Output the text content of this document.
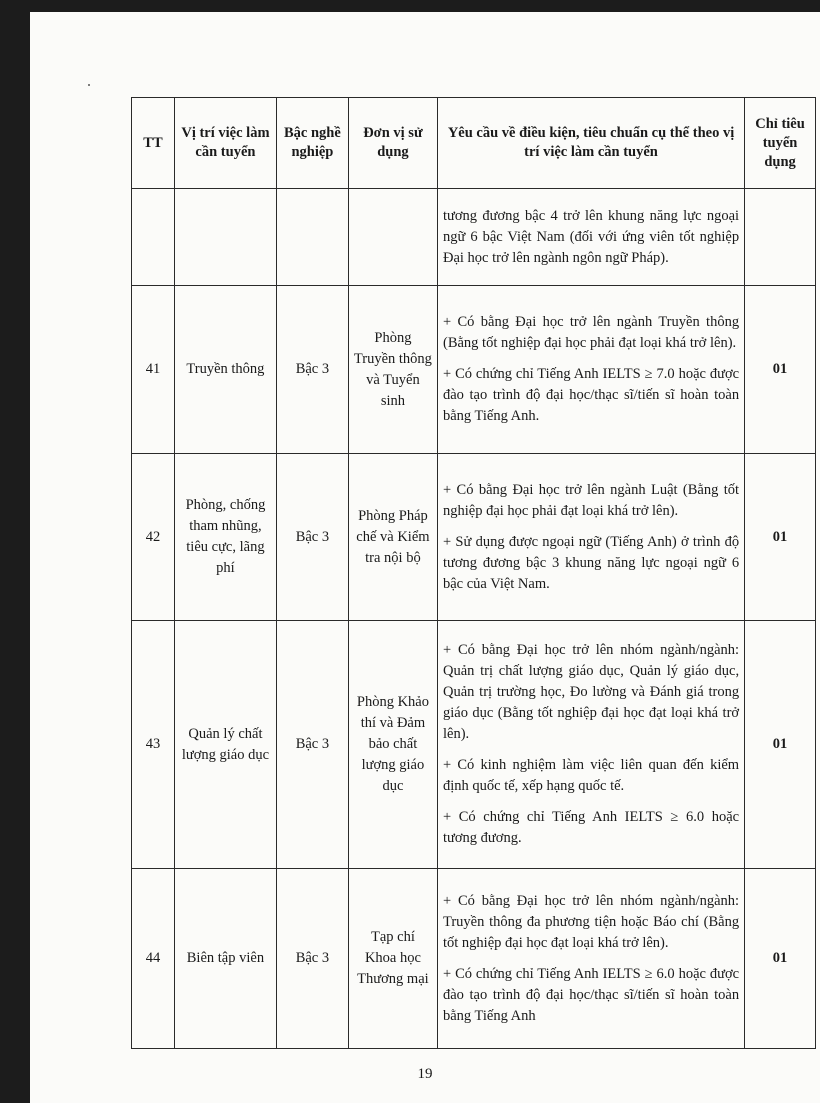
TT	Vị trí việc làm cần tuyển	Bậc nghề nghiệp	Đơn vị sử dụng	Yêu cầu về điều kiện, tiêu chuẩn cụ thể theo vị trí việc làm cần tuyển	Chỉ tiêu tuyển dụng
				tương đương bậc 4 trở lên khung năng lực ngoại ngữ 6 bậc Việt Nam (đối với ứng viên tốt nghiệp Đại học trở lên ngành ngôn ngữ Pháp).	
41	Truyền thông	Bậc 3	Phòng Truyền thông và Tuyển sinh	+ Có bằng Đại học trở lên ngành Truyền thông (Bằng tốt nghiệp đại học phải đạt loại khá trở lên).

+ Có chứng chỉ Tiếng Anh IELTS ≥ 7.0 hoặc được đào tạo trình độ đại học/thạc sĩ/tiến sĩ hoàn toàn bằng Tiếng Anh.	01
42	Phòng, chống tham nhũng, tiêu cực, lãng phí	Bậc 3	Phòng Pháp chế và Kiểm tra nội bộ	+ Có bằng Đại học trở lên ngành Luật (Bằng tốt nghiệp đại học phải đạt loại khá trở lên).

+ Sử dụng được ngoại ngữ (Tiếng Anh) ở trình độ tương đương bậc 3 khung năng lực ngoại ngữ 6 bậc của Việt Nam.	01
43	Quản lý chất lượng giáo dục	Bậc 3	Phòng Khảo thí và Đảm bảo chất lượng giáo dục	+ Có bằng Đại học trở lên nhóm ngành/ngành: Quản trị chất lượng giáo dục, Quản lý giáo dục, Quản trị trường học, Đo lường và Đánh giá trong giáo dục (Bằng tốt nghiệp đại học đạt loại khá trở lên).

+ Có kinh nghiệm làm việc liên quan đến kiểm định quốc tế, xếp hạng quốc tế.

+ Có chứng chỉ Tiếng Anh IELTS ≥ 6.0 hoặc tương đương.	01
44	Biên tập viên	Bậc 3	Tạp chí Khoa học Thương mại	+ Có bằng Đại học trở lên nhóm ngành/ngành: Truyền thông đa phương tiện hoặc Báo chí (Bằng tốt nghiệp đại học đạt loại khá trở lên).

+ Có chứng chỉ Tiếng Anh IELTS ≥ 6.0 hoặc được đào tạo trình độ đại học/thạc sĩ/tiến sĩ hoàn toàn bằng Tiếng Anh	01
19
